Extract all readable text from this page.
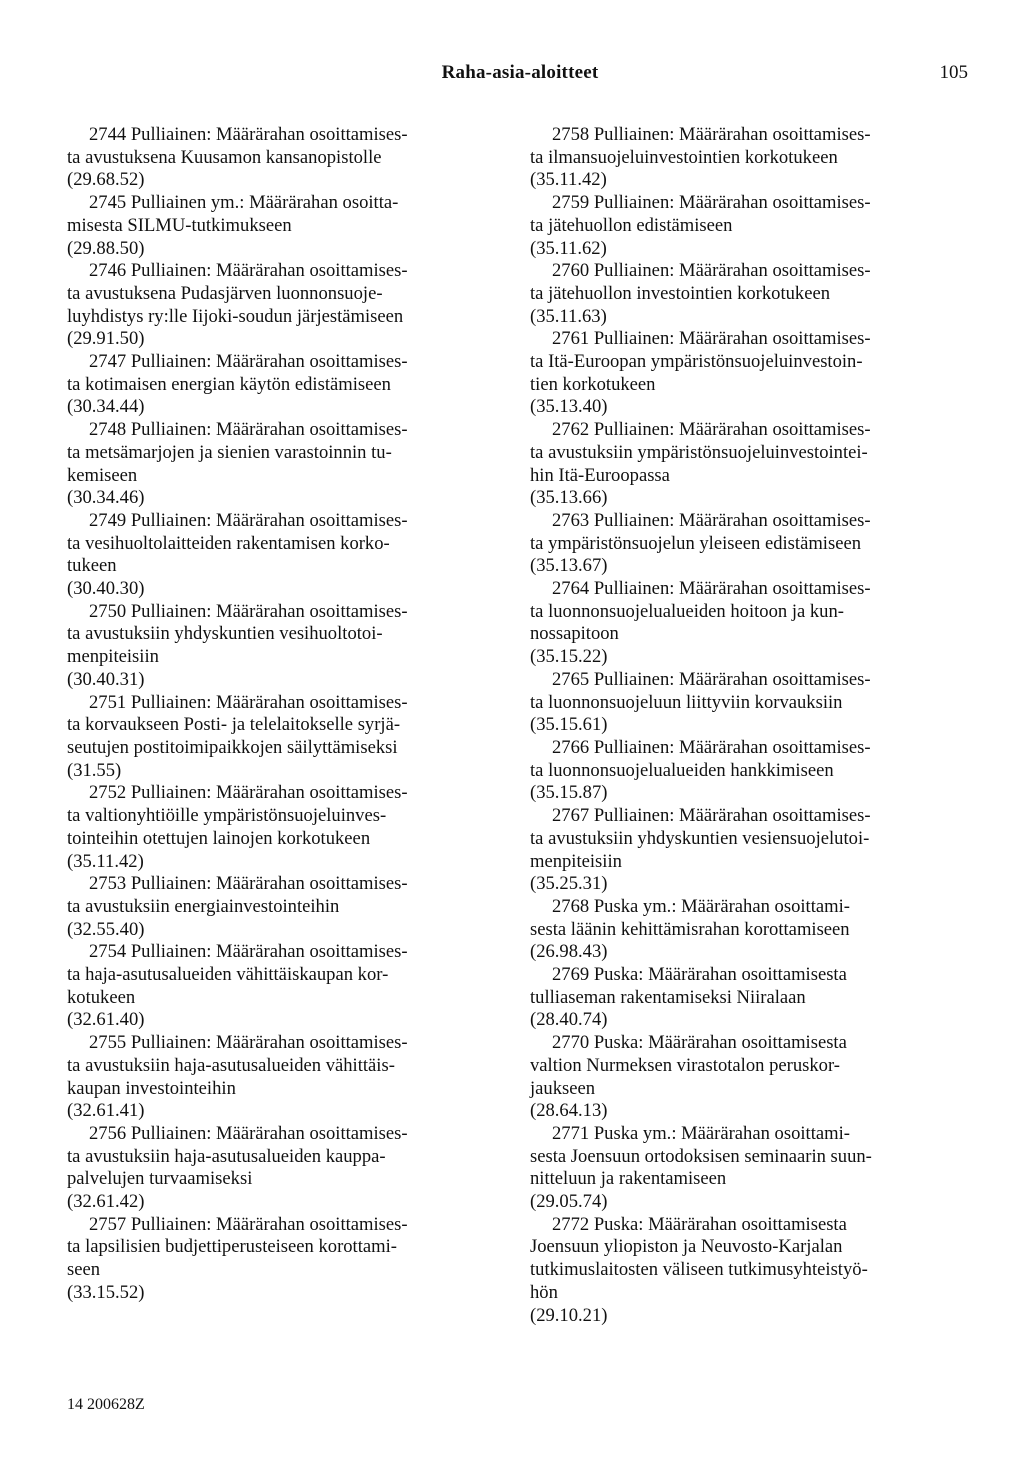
Raha-asia-aloitteet	105
2744 Pulliainen: Määrärahan osoittamises-
ta avustuksena Kuusamon kansanopistolle
(29.68.52)
2745 Pulliainen ym.: Määrärahan osoitta-
misesta SILMU-tutkimukseen
(29.88.50)
2746 Pulliainen: Määrärahan osoittamises-
ta avustuksena Pudasjärven luonnonsuoje-
luyhdistys ry:lle Iijoki-soudun järjestämiseen
(29.91.50)
2747 Pulliainen: Määrärahan osoittamises-
ta kotimaisen energian käytön edistämiseen
(30.34.44)
2748 Pulliainen: Määrärahan osoittamises-
ta metsämarjojen ja sienien varastoinnin tu-
kemiseen
(30.34.46)
2749 Pulliainen: Määrärahan osoittamises-
ta vesihuoltolaitteiden rakentamisen korko-
tukeen
(30.40.30)
2750 Pulliainen: Määrärahan osoittamises-
ta avustuksiin yhdyskuntien vesihuoltotoi-
menpiteisiin
(30.40.31)
2751 Pulliainen: Määrärahan osoittamises-
ta korvaukseen Posti- ja telelaitokselle syrjä-
seutujen postitoimipaikkojen säilyttämiseksi
(31.55)
2752 Pulliainen: Määrärahan osoittamises-
ta valtionyhtiöille ympäristönsuojeluinves-
tointeihin otettujen lainojen korkotukeen
(35.11.42)
2753 Pulliainen: Määrärahan osoittamises-
ta avustuksiin energiainvestointeihin
(32.55.40)
2754 Pulliainen: Määrärahan osoittamises-
ta haja-asutusalueiden vähittäiskaupan kor-
kotukeen
(32.61.40)
2755 Pulliainen: Määrärahan osoittamises-
ta avustuksiin haja-asutusalueiden vähittäis-
kaupan investointeihin
(32.61.41)
2756 Pulliainen: Määrärahan osoittamises-
ta avustuksiin haja-asutusalueiden kauppa-
palvelujen turvaamiseksi
(32.61.42)
2757 Pulliainen: Määrärahan osoittamises-
ta lapsilisien budjettiperusteiseen korottami-
seen
(33.15.52)
2758 Pulliainen: Määrärahan osoittamises-
ta ilmansuojeluinvestointien korkotukeen
(35.11.42)
2759 Pulliainen: Määrärahan osoittamises-
ta jätehuollon edistämiseen
(35.11.62)
2760 Pulliainen: Määrärahan osoittamises-
ta jätehuollon investointien korkotukeen
(35.11.63)
2761 Pulliainen: Määrärahan osoittamises-
ta Itä-Euroopan ympäristönsuojeluinvestoin-
tien korkotukeen
(35.13.40)
2762 Pulliainen: Määrärahan osoittamises-
ta avustuksiin ympäristönsuojeluinvestointei-
hin Itä-Euroopassa
(35.13.66)
2763 Pulliainen: Määrärahan osoittamises-
ta ympäristönsuojelun yleiseen edistämiseen
(35.13.67)
2764 Pulliainen: Määrärahan osoittamises-
ta luonnonsuojelualueiden hoitoon ja kun-
nossapitoon
(35.15.22)
2765 Pulliainen: Määrärahan osoittamises-
ta luonnonsuojeluun liittyviin korvauksiin
(35.15.61)
2766 Pulliainen: Määrärahan osoittamises-
ta luonnonsuojelualueiden hankkimiseen
(35.15.87)
2767 Pulliainen: Määrärahan osoittamises-
ta avustuksiin yhdyskuntien vesiensuojelutoi-
menpiteisiin
(35.25.31)
2768 Puska ym.: Määrärahan osoittami-
sesta läänin kehittämisrahan korottamiseen
(26.98.43)
2769 Puska: Määrärahan osoittamisesta
tulliaseman rakentamiseksi Niiralaan
(28.40.74)
2770 Puska: Määrärahan osoittamisesta
valtion Nurmeksen virastotalon peruskor-
jaukseen
(28.64.13)
2771 Puska ym.: Määrärahan osoittami-
sesta Joensuun ortodoksisen seminaarin suun-
nitteluun ja rakentamiseen
(29.05.74)
2772 Puska: Määrärahan osoittamisesta
Joensuun yliopiston ja Neuvosto-Karjalan
tutkimuslaitosten väliseen tutkimusyhteistyö-
hön
(29.10.21)
14 200628Z
